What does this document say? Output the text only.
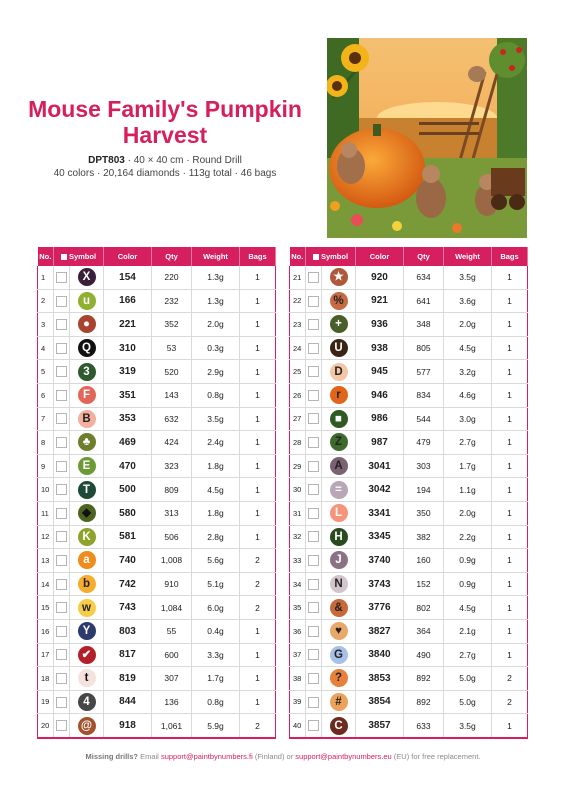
Mouse Family's Pumpkin Harvest
DPT803 · 40 × 40 cm · Round Drill
40 colors · 20,164 diamonds · 113g total · 46 bags
No.	Symbol		Color	Qty	Weight	Bags
1		X	154	220	1.3g	1
2		u	166	232	1.3g	1
3		●	221	352	2.0g	1
4		Q	310	53	0.3g	1
5		3	319	520	2.9g	1
6		F	351	143	0.8g	1
7		B	353	632	3.5g	1
8		♣	469	424	2.4g	1
9		E	470	323	1.8g	1
10		T	500	809	4.5g	1
11		◆	580	313	1.8g	1
12		K	581	506	2.8g	1
13		a	740	1,008	5.6g	2
14		b	742	910	5.1g	2
15		w	743	1,084	6.0g	2
16		Y	803	55	0.4g	1
17		✔	817	600	3.3g	1
18		t	819	307	1.7g	1
19		4	844	136	0.8g	1
20		@	918	1,061	5.9g	2
No.	Symbol		Color	Qty	Weight	Bags
21		★	920	634	3.5g	1
22		%	921	641	3.6g	1
23		+	936	348	2.0g	1
24		U	938	805	4.5g	1
25		D	945	577	3.2g	1
26		r	946	834	4.6g	1
27		■	986	544	3.0g	1
28		Z	987	479	2.7g	1
29		A	3041	303	1.7g	1
30		=	3042	194	1.1g	1
31		L	3341	350	2.0g	1
32		H	3345	382	2.2g	1
33		J	3740	160	0.9g	1
34		N	3743	152	0.9g	1
35		&	3776	802	4.5g	1
36		♥	3827	364	2.1g	1
37		G	3840	490	2.7g	1
38		?	3853	892	5.0g	2
39		#	3854	892	5.0g	2
40		C	3857	633	3.5g	1
Missing drills? Email support@paintbynumbers.fi (Finland) or support@paintbynumbers.eu (EU) for free replacement.
